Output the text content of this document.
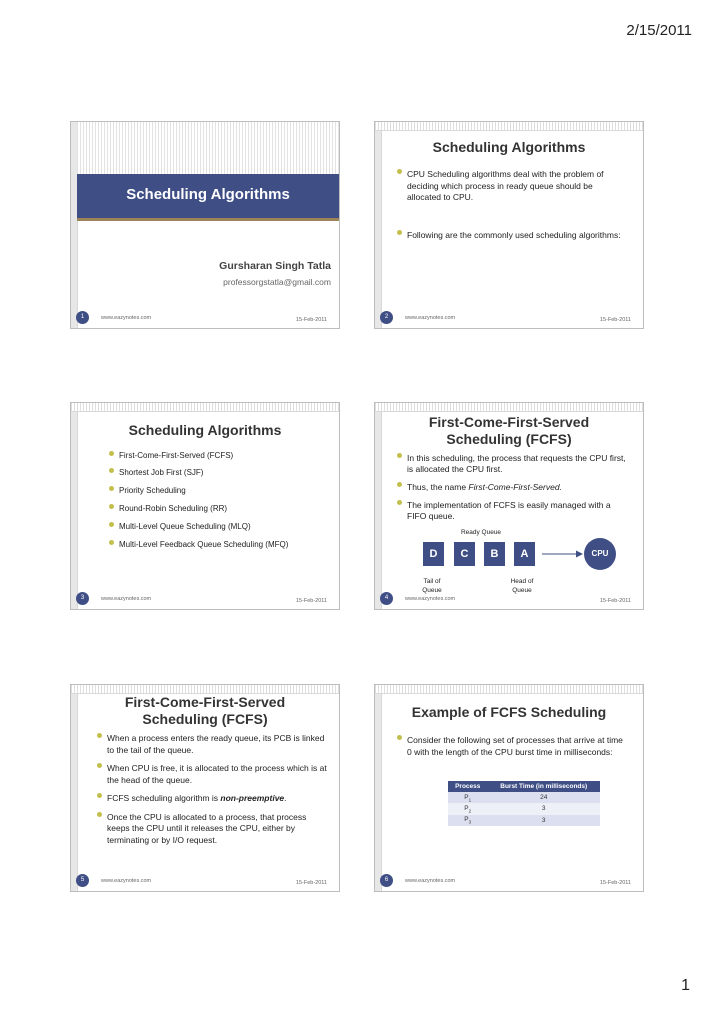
2/15/2011
Scheduling Algorithms
Gursharan Singh Tatla
professorgstatla@gmail.com
1	www.eazynotes.com	15-Feb-2011
Scheduling Algorithms
CPU Scheduling algorithms deal with the problem of deciding which process in ready queue should be allocated to CPU.
Following are the commonly used scheduling algorithms:
2	www.eazynotes.com	15-Feb-2011
Scheduling Algorithms
First-Come-First-Served (FCFS)
Shortest Job First (SJF)
Priority Scheduling
Round-Robin Scheduling (RR)
Multi-Level Queue Scheduling (MLQ)
Multi-Level Feedback Queue Scheduling (MFQ)
3	www.eazynotes.com	15-Feb-2011
First-Come-First-Served
Scheduling (FCFS)
In this scheduling, the process that requests the CPU first, is allocated the CPU first.
Thus, the name First-Come-First-Served.
The implementation of FCFS is easily managed with a FIFO queue.
Ready Queue
D	C	B	A	CPU
Tail of Queue
Head of Queue
4	www.eazynotes.com	15-Feb-2011
First-Come-First-Served
Scheduling (FCFS)
When a process enters the ready queue, its PCB is linked to the tail of the queue.
When CPU is free, it is allocated to the process which is at the head of the queue.
FCFS scheduling algorithm is non-preemptive.
Once the CPU is allocated to a process, that process keeps the CPU until it releases the CPU, either by terminating or by I/O request.
5	www.eazynotes.com	15-Feb-2011
Example of FCFS Scheduling
Consider the following set of processes that arrive at time 0 with the length of the CPU burst time in milliseconds:
Process	Burst Time (in milliseconds)
$P_1$	24
$P_2$	3
$P_3$	3
6	www.eazynotes.com	15-Feb-2011
1
